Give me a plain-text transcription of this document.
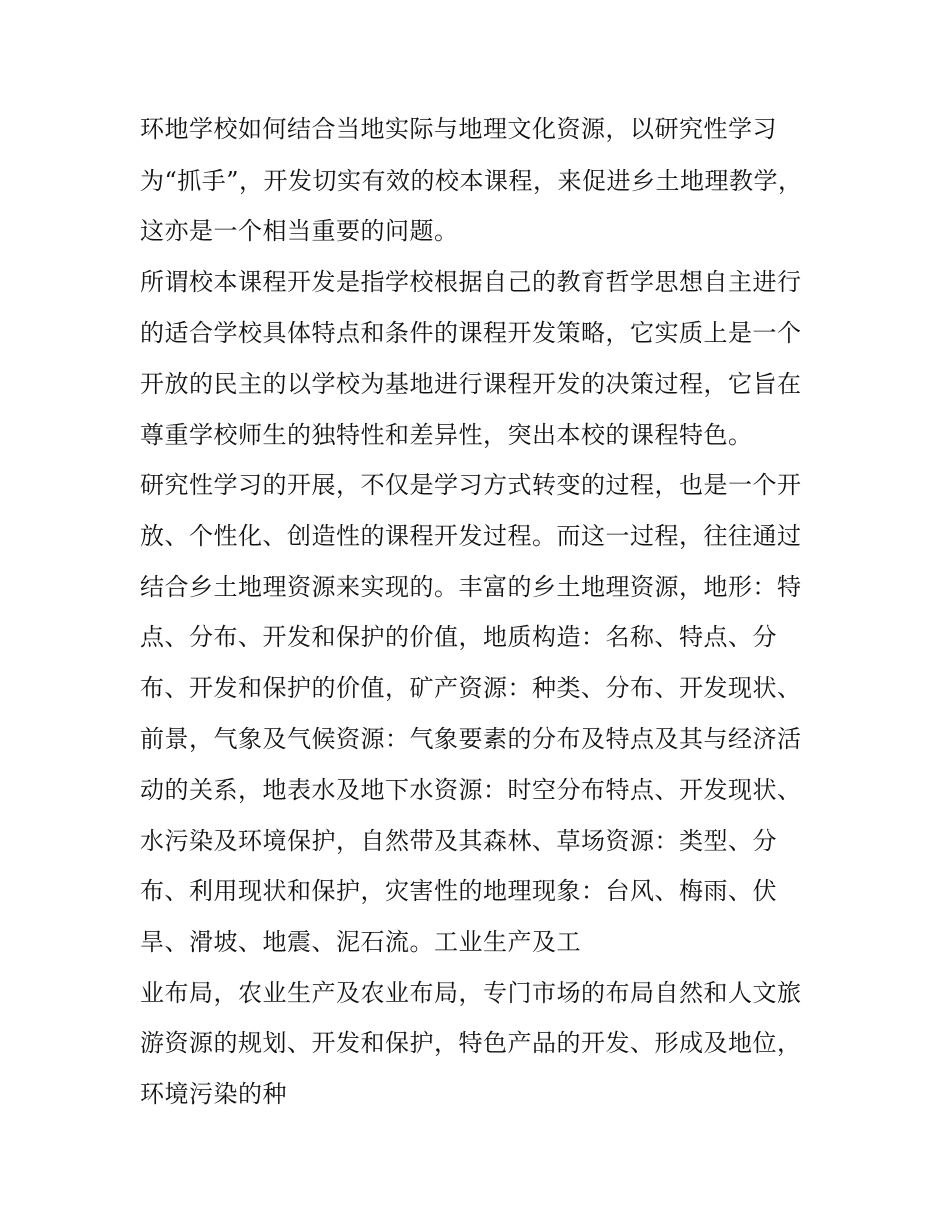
环地学校如何结合当地实际与地理文化资源，以研究性学习
为“抓手”，开发切实有效的校本课程，来促进乡土地理教学，
这亦是一个相当重要的问题。
所谓校本课程开发是指学校根据自己的教育哲学思想自主进行
的适合学校具体特点和条件的课程开发策略，它实质上是一个
开放的民主的以学校为基地进行课程开发的决策过程，它旨在
尊重学校师生的独特性和差异性，突出本校的课程特色。
研究性学习的开展，不仅是学习方式转变的过程，也是一个开
放、个性化、创造性的课程开发过程。而这一过程，往往通过
结合乡土地理资源来实现的。丰富的乡土地理资源，地形：特
点、分布、开发和保护的价值，地质构造：名称、特点、分
布、开发和保护的价值，矿产资源：种类、分布、开发现状、
前景，气象及气候资源：气象要素的分布及特点及其与经济活
动的关系，地表水及地下水资源：时空分布特点、开发现状、
水污染及环境保护，自然带及其森林、草场资源：类型、分
布、利用现状和保护，灾害性的地理现象：台风、梅雨、伏
旱、滑坡、地震、泥石流。工业生产及工
业布局，农业生产及农业布局，专门市场的布局自然和人文旅
游资源的规划、开发和保护，特色产品的开发、形成及地位，
环境污染的种
